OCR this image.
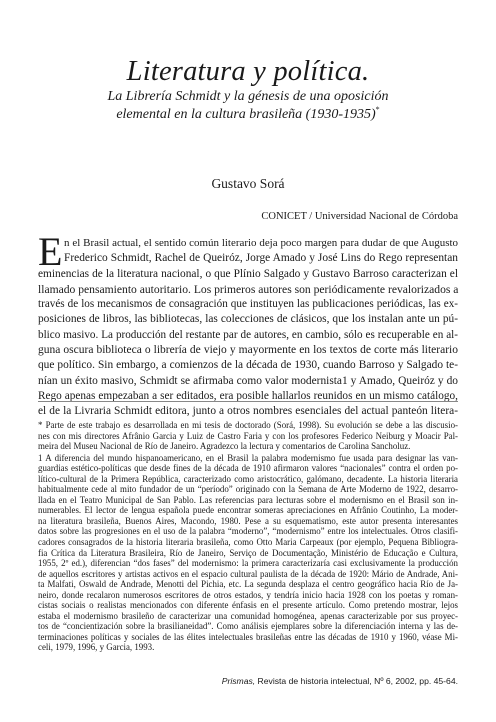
Literatura y política.
La Librería Schmidt y la génesis de una oposición
elemental en la cultura brasileña (1930-1935)*
Gustavo Sorá
CONICET / Universidad Nacional de Córdoba
E n el Brasil actual, el sentido común literario deja poco margen para dudar de que Augusto
Frederico Schmidt, Rachel de Queiróz, Jorge Amado y José Lins do Rego representan
eminencias de la literatura nacional, o que Plínio Salgado y Gustavo Barroso caracterizan el
llamado pensamiento autoritario. Los primeros autores son periódicamente revalorizados a
través de los mecanismos de consagración que instituyen las publicaciones periódicas, las ex-
posiciones de libros, las bibliotecas, las colecciones de clásicos, que los instalan ante un pú-
blico masivo. La producción del restante par de autores, en cambio, sólo es recuperable en al-
guna oscura biblioteca o librería de viejo y mayormente en los textos de corte más literario
que político. Sin embargo, a comienzos de la década de 1930, cuando Barroso y Salgado te-
nían un éxito masivo, Schmidt se afirmaba como valor modernista1 y Amado, Queiróz y do
Rego apenas empezaban a ser editados, era posible hallarlos reunidos en un mismo catálogo,
el de la Livraria Schmidt editora, junto a otros nombres esenciales del actual panteón litera-
* Parte de este trabajo es desarrollada en mi tesis de doctorado (Sorá, 1998). Su evolución se debe a las discusio-
nes con mis directores Afrânio Garcia y Luiz de Castro Faria y con los profesores Federico Neiburg y Moacir Pal-
meira del Museu Nacional de Río de Janeiro. Agradezco la lectura y comentarios de Carolina Sancholuz.
1 A diferencia del mundo hispanoamericano, en el Brasil la palabra modernismo fue usada para designar las van-
guardias estético-políticas que desde fines de la década de 1910 afirmaron valores “nacionales” contra el orden po-
lítico-cultural de la Primera República, caracterizado como aristocrático, galómano, decadente. La historia literaria
habitualmente cede al mito fundador de un “período” originado con la Semana de Arte Moderno de 1922, desarro-
llada en el Teatro Municipal de San Pablo. Las referencias para lecturas sobre el modernismo en el Brasil son in-
numerables. El lector de lengua española puede encontrar someras apreciaciones en Afrânio Coutinho, La moder-
na literatura brasileña, Buenos Aires, Macondo, 1980. Pese a su esquematismo, este autor presenta interesantes
datos sobre las progresiones en el uso de la palabra “moderno”, “modernismo” entre los intelectuales. Otros clasifi-
cadores consagrados de la historia literaria brasileña, como Otto Maria Carpeaux (por ejemplo, Pequena Bibliogra-
fia Crítica da Literatura Brasileira, Río de Janeiro, Serviço de Documentação, Ministério de Educação e Cultura,
1955, 2º ed.), diferencian “dos fases” del modernismo: la primera caracterizaría casi exclusivamente la producción
de aquellos escritores y artistas activos en el espacio cultural paulista de la década de 1920: Mário de Andrade, Ani-
ta Malfati, Oswald de Andrade, Menotti del Pichia, etc. La segunda desplaza el centro geográfico hacia Río de Ja-
neiro, donde recalaron numerosos escritores de otros estados, y tendría inicio hacia 1928 con los poetas y roman-
cistas sociais o realistas mencionados con diferente énfasis en el presente artículo. Como pretendo mostrar, lejos
estaba el modernismo brasileño de caracterizar una comunidad homogénea, apenas caracterizable por sus proyec-
tos de “concientización sobre la brasilianeidad”. Como análisis ejemplares sobre la diferenciación interna y las de-
terminaciones políticas y sociales de las élites intelectuales brasileñas entre las décadas de 1910 y 1960, véase Mi-
celi, 1979, 1996, y Garcia, 1993.
Prismas, Revista de historia intelectual, Nº 6, 2002, pp. 45-64.
